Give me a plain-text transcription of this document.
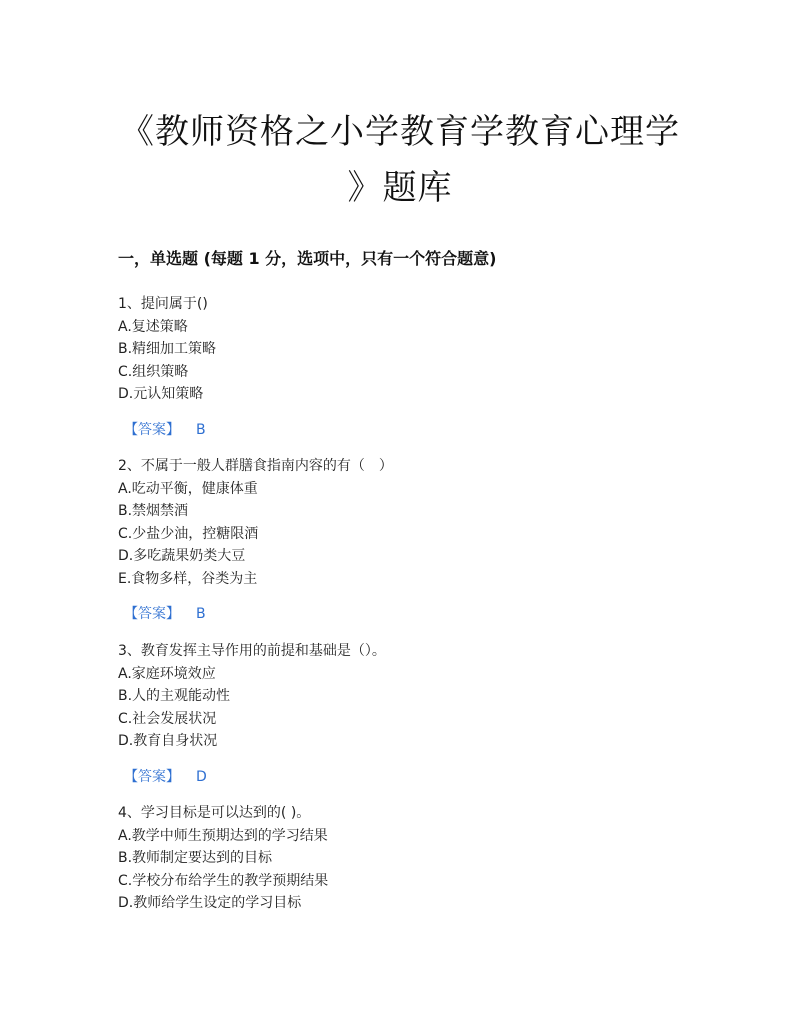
《教师资格之小学教育学教育心理学
》题库
一，单选题 (每题 1 分，选项中，只有一个符合题意)
1、提问属于()
A.复述策略
B.精细加工策略
C.组织策略
D.元认知策略
【答案】 B
2、不属于一般人群膳食指南内容的有（　）
A.吃动平衡，健康体重
B.禁烟禁酒
C.少盐少油，控糖限酒
D.多吃蔬果奶类大豆
E.食物多样，谷类为主
【答案】 B
3、教育发挥主导作用的前提和基础是（）。
A.家庭环境效应
B.人的主观能动性
C.社会发展状况
D.教育自身状况
【答案】 D
4、学习目标是可以达到的( )。
A.教学中师生预期达到的学习结果
B.教师制定要达到的目标
C.学校分布给学生的教学预期结果
D.教师给学生设定的学习目标
